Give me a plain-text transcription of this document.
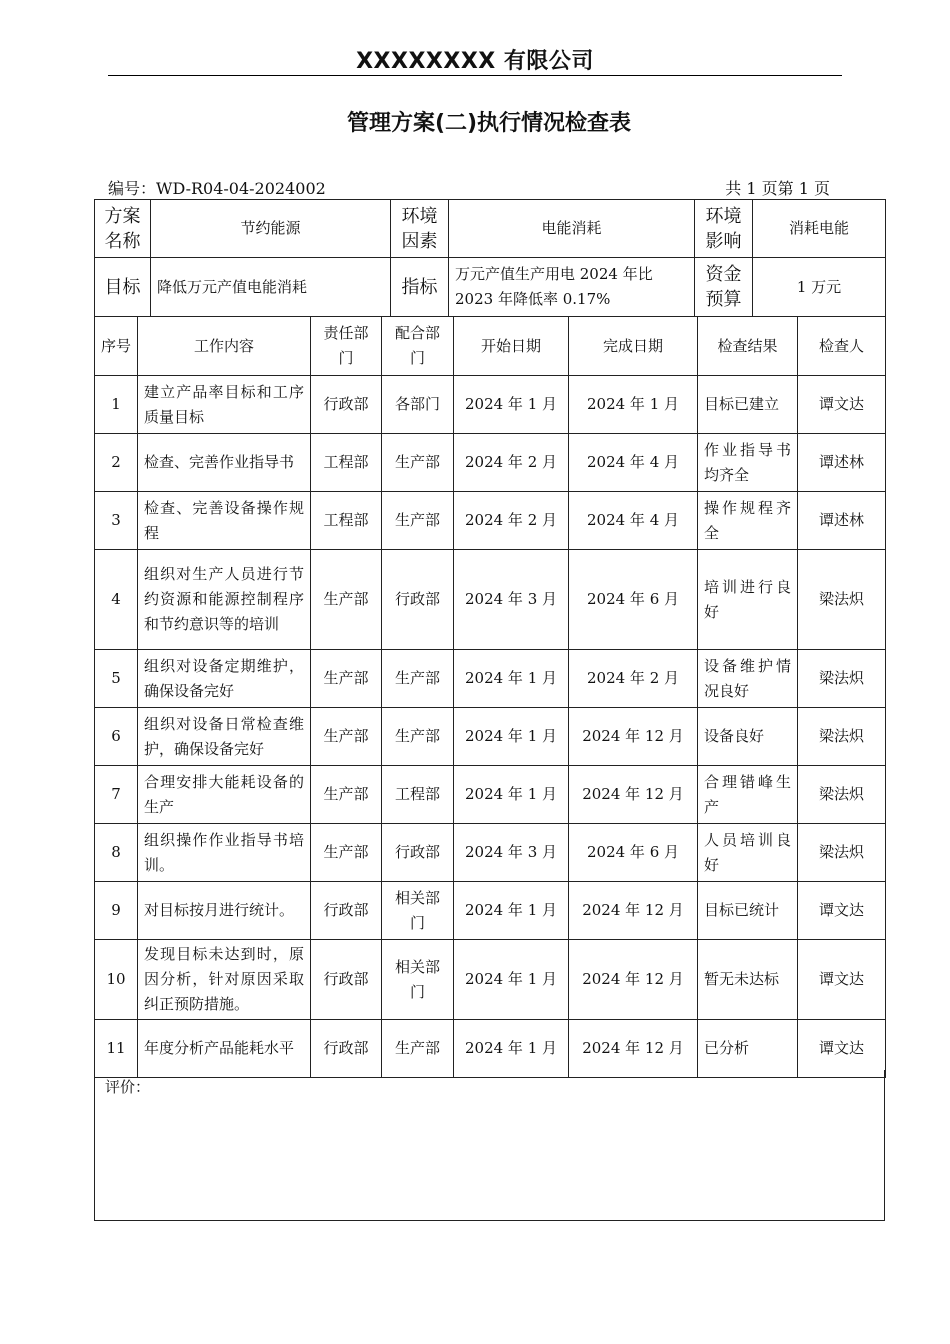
XXXXXXXX 有限公司
管理方案(二)执行情况检查表
编号：WD-R04-04-2024002	共 1 页第 1 页
方案名称	节约能源	环境因素	电能消耗	环境影响	消耗电能
目标	降低万元产值电能消耗	指标	万元产值生产用电 2024 年比 2023 年降低率 0.17%	资金预算	1 万元
序号	工作内容	责任部门	配合部门	开始日期	完成日期	检查结果	检查人
1	建立产品率目标和工序质量目标	行政部	各部门	2024 年 1 月	2024 年 1 月	目标已建立	谭文达
2	检查、完善作业指导书	工程部	生产部	2024 年 2 月	2024 年 4 月	作业指导书均齐全	谭述林
3	检查、完善设备操作规程	工程部	生产部	2024 年 2 月	2024 年 4 月	操作规程齐全	谭述林
4	组织对生产人员进行节约资源和能源控制程序和节约意识等的培训	生产部	行政部	2024 年 3 月	2024 年 6 月	培训进行良好	梁法炽
5	组织对设备定期维护，确保设备完好	生产部	生产部	2024 年 1 月	2024 年 2 月	设备维护情况良好	梁法炽
6	组织对设备日常检查维护，确保设备完好	生产部	生产部	2024 年 1 月	2024 年 12 月	设备良好	梁法炽
7	合理安排大能耗设备的生产	生产部	工程部	2024 年 1 月	2024 年 12 月	合理错峰生产	梁法炽
8	组织操作作业指导书培训。	生产部	行政部	2024 年 3 月	2024 年 6 月	人员培训良好	梁法炽
9	对目标按月进行统计。	行政部	相关部门	2024 年 1 月	2024 年 12 月	目标已统计	谭文达
10	发现目标未达到时，原因分析，针对原因采取纠正预防措施。	行政部	相关部门	2024 年 1 月	2024 年 12 月	暂无未达标	谭文达
11	年度分析产品能耗水平	行政部	生产部	2024 年 1 月	2024 年 12 月	已分析	谭文达
评价：
